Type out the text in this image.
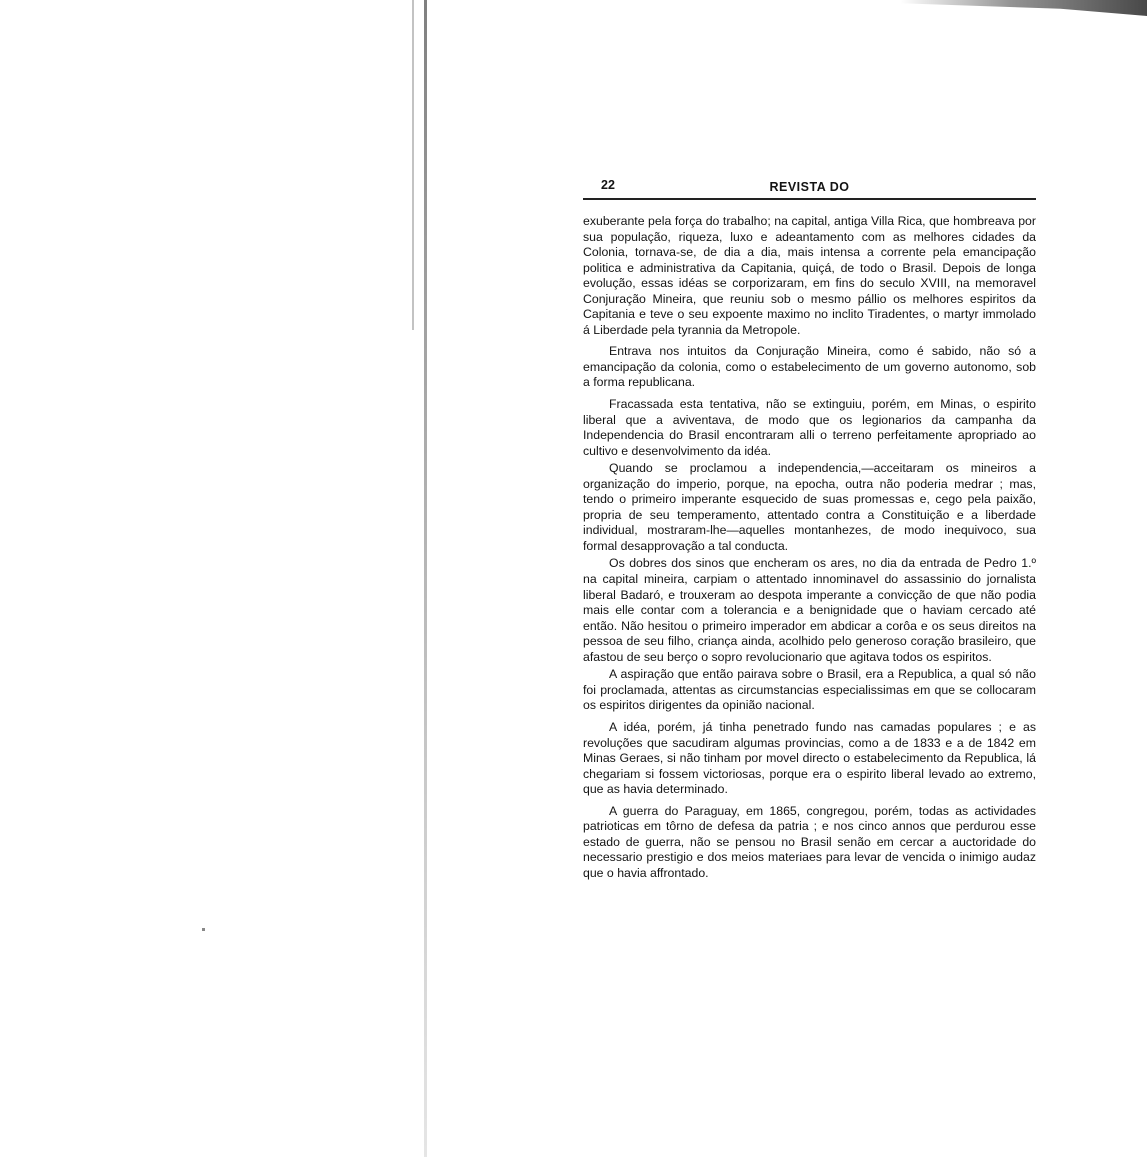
22	REVISTA DO

exuberante pela força do trabalho; na capital, antiga Villa Rica, que hombreava por sua população, riqueza, luxo e adeantamento com as melhores cidades da Colonia, tornava-se, de dia a dia, mais intensa a corrente pela emancipação politica e administrativa da Capitania, quiçá, de todo o Brasil. Depois de longa evolução, essas idéas se corporizaram, em fins do seculo XVIII, na memoravel Conjuração Mineira, que reuniu sob o mesmo pállio os melhores espiritos da Capitania e teve o seu expoente maximo no inclito Tiradentes, o martyr immolado á Liberdade pela tyrannia da Metropole.

Entrava nos intuitos da Conjuração Mineira, como é sabido, não só a emancipação da colonia, como o estabelecimento de um governo autonomo, sob a forma republicana.

Fracassada esta tentativa, não se extinguiu, porém, em Minas, o espirito liberal que a aviventava, de modo que os legionarios da campanha da Independencia do Brasil encontraram alli o terreno perfeitamente apropriado ao cultivo e desenvolvimento da idéa.

Quando se proclamou a independencia,—acceitaram os mineiros a organização do imperio, porque, na epocha, outra não poderia medrar ; mas, tendo o primeiro imperante esquecido de suas promessas e, cego pela paixão, propria de seu temperamento, attentado contra a Constituição e a liberdade individual, mostraram-lhe—aquelles montanhezes, de modo inequivoco, sua formal desapprovação a tal conducta.

Os dobres dos sinos que encheram os ares, no dia da entrada de Pedro 1.º na capital mineira, carpiam o attentado innominavel do assassinio do jornalista liberal Badaró, e trouxeram ao despota imperante a convicção de que não podia mais elle contar com a tolerancia e a benignidade que o haviam cercado até então. Não hesitou o primeiro imperador em abdicar a corôa e os seus direitos na pessoa de seu filho, criança ainda, acolhido pelo generoso coração brasileiro, que afastou de seu berço o sopro revolucionario que agitava todos os espiritos.

A aspiração que então pairava sobre o Brasil, era a Republica, a qual só não foi proclamada, attentas as circumstancias especialissimas em que se collocaram os espiritos dirigentes da opinião nacional.

A idéa, porém, já tinha penetrado fundo nas camadas populares ; e as revoluções que sacudiram algumas provincias, como a de 1833 e a de 1842 em Minas Geraes, si não tinham por movel directo o estabelecimento da Republica, lá chegariam si fossem victoriosas, porque era o espirito liberal levado ao extremo, que as havia determinado.

A guerra do Paraguay, em 1865, congregou, porém, todas as actividades patrioticas em tôrno de defesa da patria ; e nos cinco annos que perdurou esse estado de guerra, não se pensou no Brasil senão em cercar a auctoridade do necessario prestigio e dos meios materiaes para levar de vencida o inimigo audaz que o havia affrontado.
